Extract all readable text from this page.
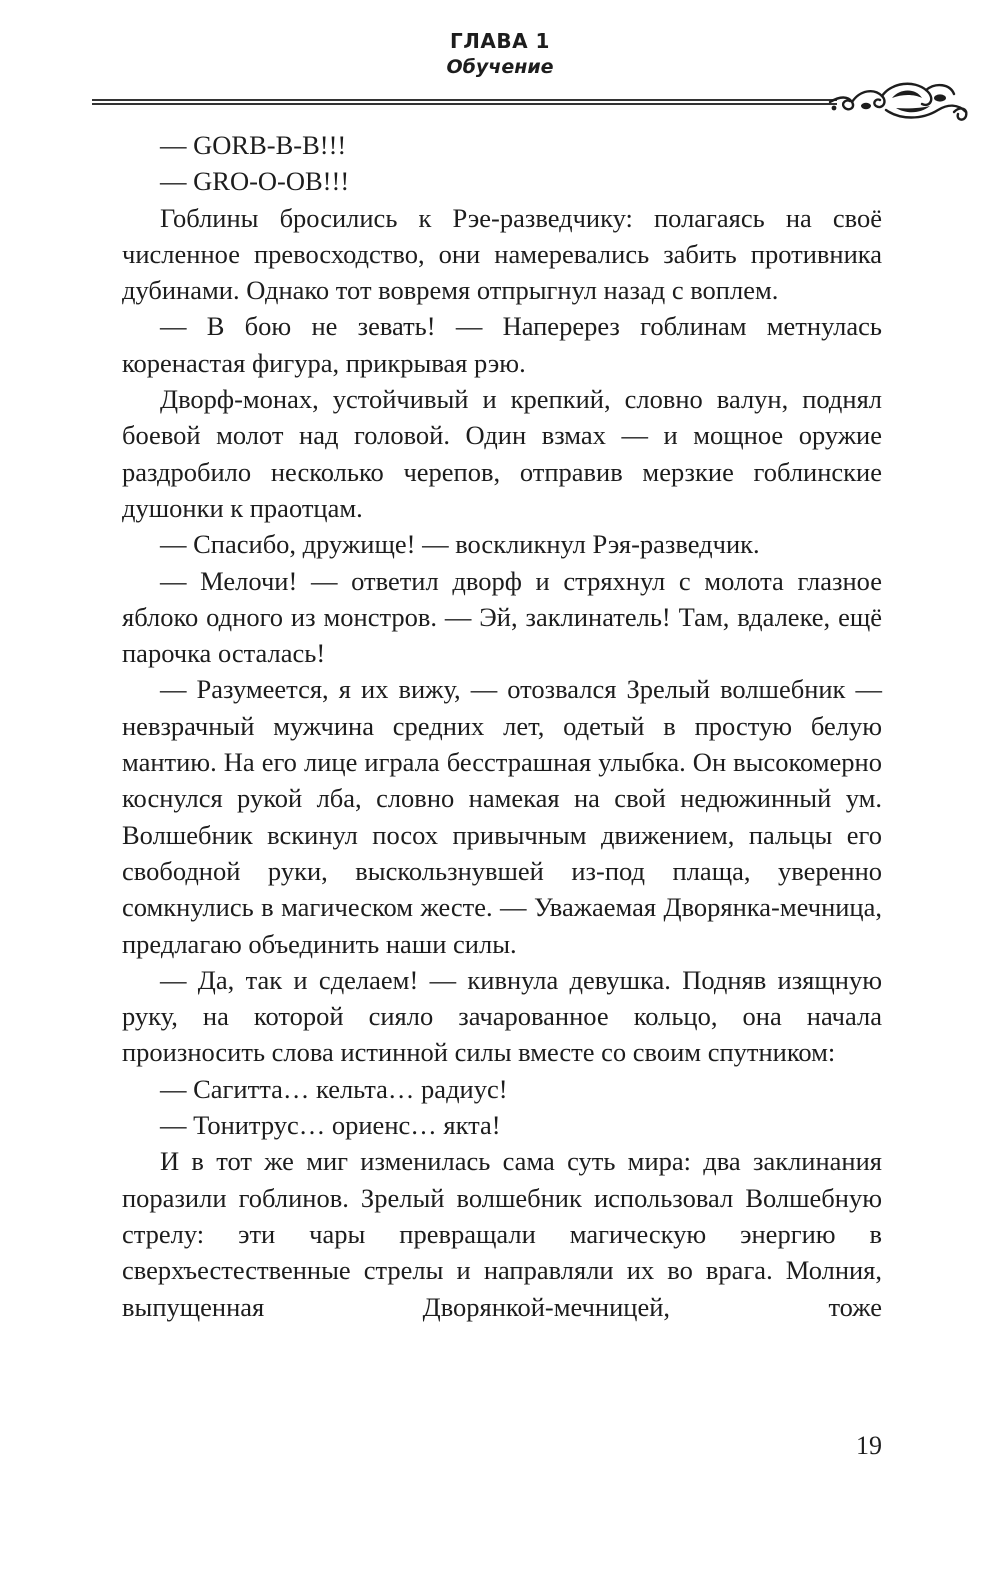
ГЛАВА 1
Обучение

— GORB-B-B!!!

— GRO-O-OB!!!

Гоблины бросились к Рэе-разведчику: полагаясь на своё численное превосходство, они намеревались забить противника дубинами. Однако тот вовремя отпрыгнул назад с воплем.

— В бою не зевать! — Наперерез гоблинам метнулась коренастая фигура, прикрывая рэю.

Дворф-монах, устойчивый и крепкий, словно валун, поднял боевой молот над головой. Один взмах — и мощное оружие раздробило несколько черепов, отправив мерзкие гоблинские душонки к праотцам.

— Спасибо, дружище! — воскликнул Рэя-разведчик.

— Мелочи! — ответил дворф и стряхнул с молота глазное яблоко одного из монстров. — Эй, заклинатель! Там, вдалеке, ещё парочка осталась!

— Разумеется, я их вижу, — отозвался Зрелый волшебник — невзрачный мужчина средних лет, одетый в простую белую мантию. На его лице играла бесстрашная улыбка. Он высокомерно коснулся рукой лба, словно намекая на свой недюжинный ум. Волшебник вскинул посох привычным движением, пальцы его свободной руки, выскользнувшей из-под плаща, уверенно сомкнулись в магическом жесте. — Уважаемая Дворянка-мечница, предлагаю объединить наши силы.

— Да, так и сделаем! — кивнула девушка. Подняв изящную руку, на которой сияло зачарованное кольцо, она начала произносить слова истинной силы вместе со своим спутником:

— Сагитта… кельта… радиус!

— Тонитрус… ориенс… якта!

И в тот же миг изменилась сама суть мира: два заклинания поразили гоблинов. Зрелый волшебник использовал Волшебную стрелу: эти чары превращали магическую энергию в сверхъестественные стрелы и направляли их во врага. Молния, выпущенная Дворянкой-мечницей, тоже

19
